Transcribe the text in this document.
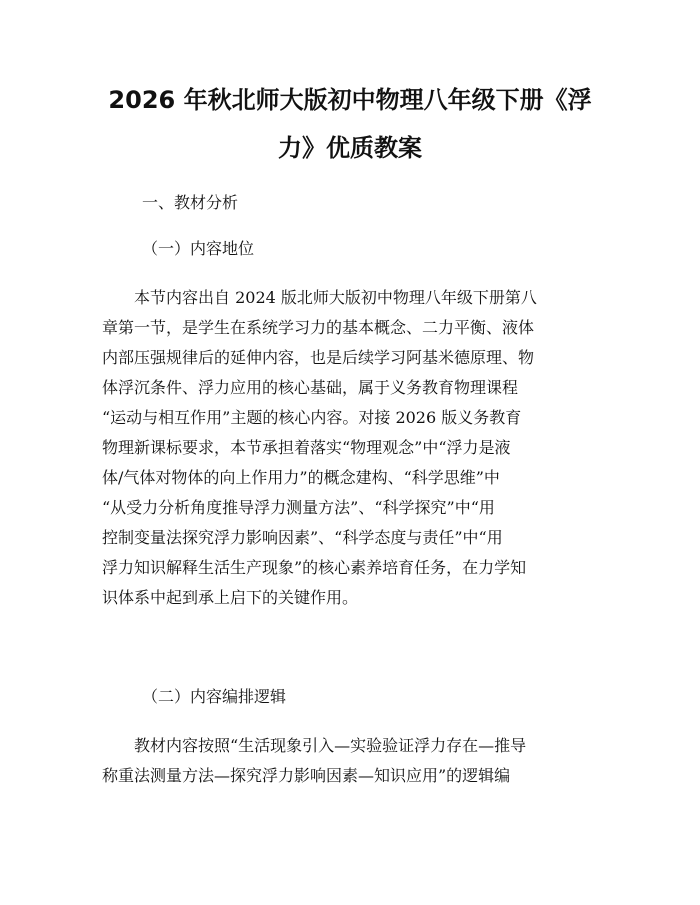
2026 年秋北师大版初中物理八年级下册《浮
力》优质教案

一、教材分析

（一）内容地位

　　本节内容出自 2024 版北师大版初中物理八年级下册第八
章第一节，是学生在系统学习力的基本概念、二力平衡、液体
内部压强规律后的延伸内容，也是后续学习阿基米德原理、物
体浮沉条件、浮力应用的核心基础，属于义务教育物理课程
“运动与相互作用”主题的核心内容。对接 2026 版义务教育
物理新课标要求，本节承担着落实“物理观念”中“浮力是液
体/气体对物体的向上作用力”的概念建构、“科学思维”中
“从受力分析角度推导浮力测量方法”、“科学探究”中“用
控制变量法探究浮力影响因素”、“科学态度与责任”中“用
浮力知识解释生活生产现象”的核心素养培育任务，在力学知
识体系中起到承上启下的关键作用。

（二）内容编排逻辑

　　教材内容按照“生活现象引入—实验验证浮力存在—推导
称重法测量方法—探究浮力影响因素—知识应用”的逻辑编
